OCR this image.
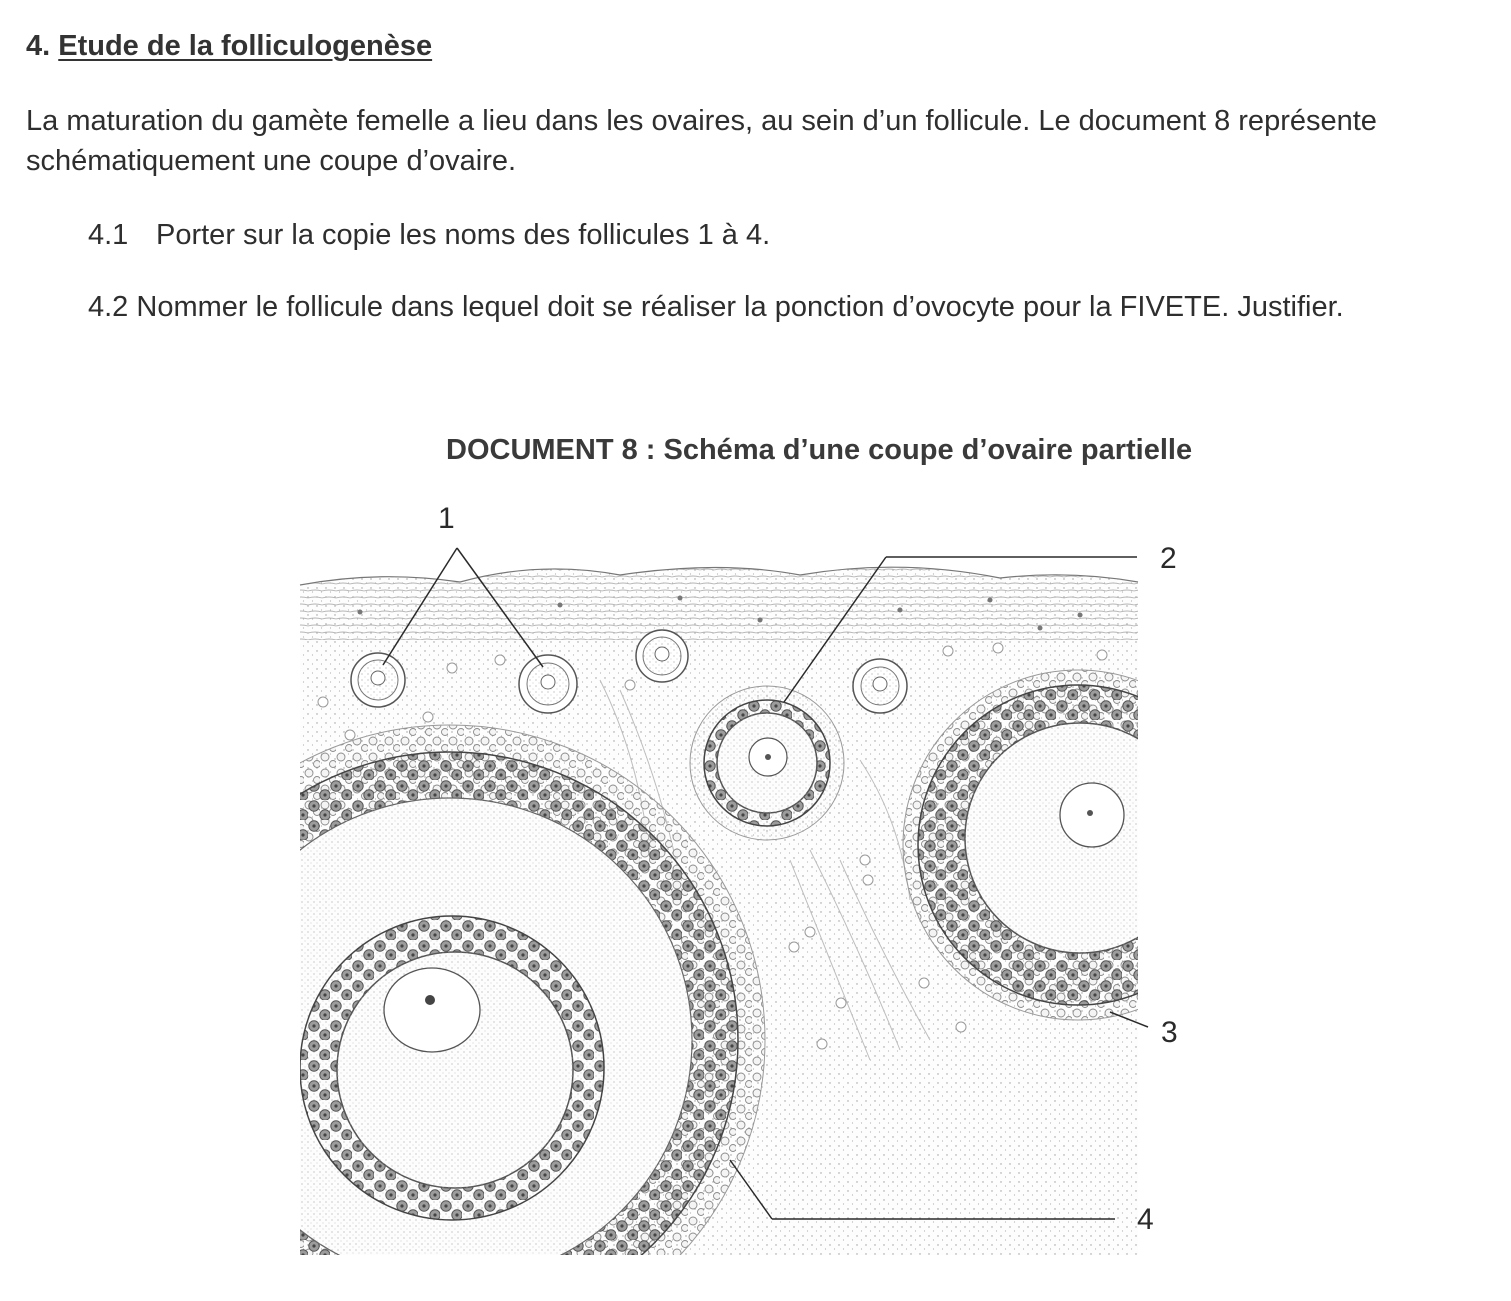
4. Etude de la folliculogenèse

La maturation du gamète femelle a lieu dans les ovaires, au sein d’un follicule. Le document 8 représente schématiquement une coupe d’ovaire.

4.1 Porter sur la copie les noms des follicules 1 à 4.

4.2 Nommer le follicule dans lequel doit se réaliser la ponction d’ovocyte pour la FIVETE. Justifier.

DOCUMENT 8 : Schéma d’une coupe d’ovaire partielle
1
2
3
4
